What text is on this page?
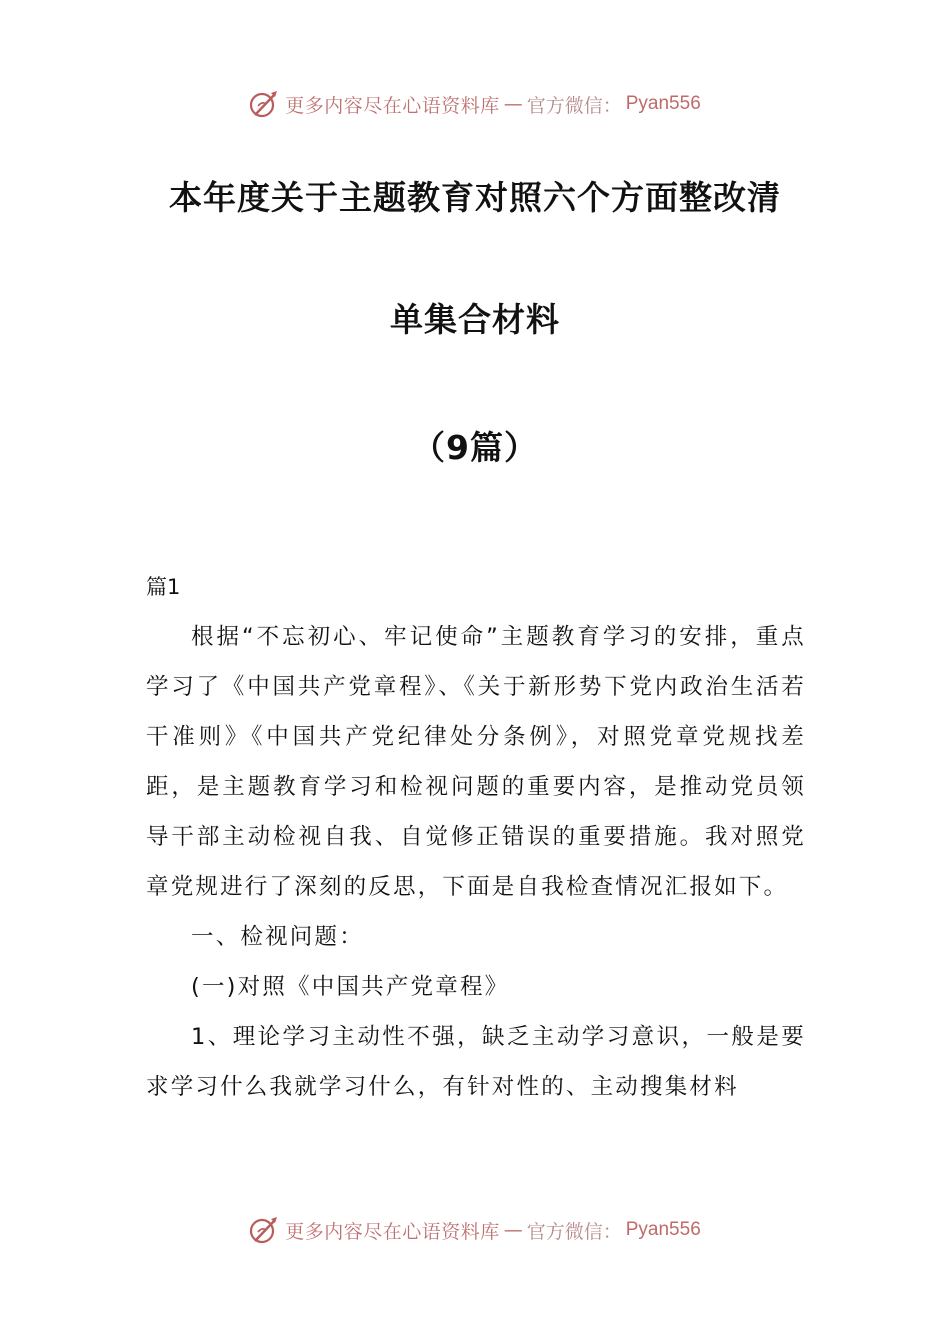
更多内容尽在心语资料库 — 官方微信： Pyan556
本年度关于主题教育对照六个方面整改清
单集合材料
（9篇）
篇1

根据“不忘初心、牢记使命”主题教育学习的安排，重点学习了《中国共产党章程》、《关于新形势下党内政治生活若干准则》《中国共产党纪律处分条例》，对照党章党规找差距，是主题教育学习和检视问题的重要内容，是推动党员领导干部主动检视自我、自觉修正错误的重要措施。我对照党章党规进行了深刻的反思，下面是自我检查情况汇报如下。

一、检视问题：

(一)对照《中国共产党章程》

1、理论学习主动性不强，缺乏主动学习意识，一般是要求学习什么我就学习什么，有针对性的、主动搜集材料

更多内容尽在心语资料库 — 官方微信： Pyan556
